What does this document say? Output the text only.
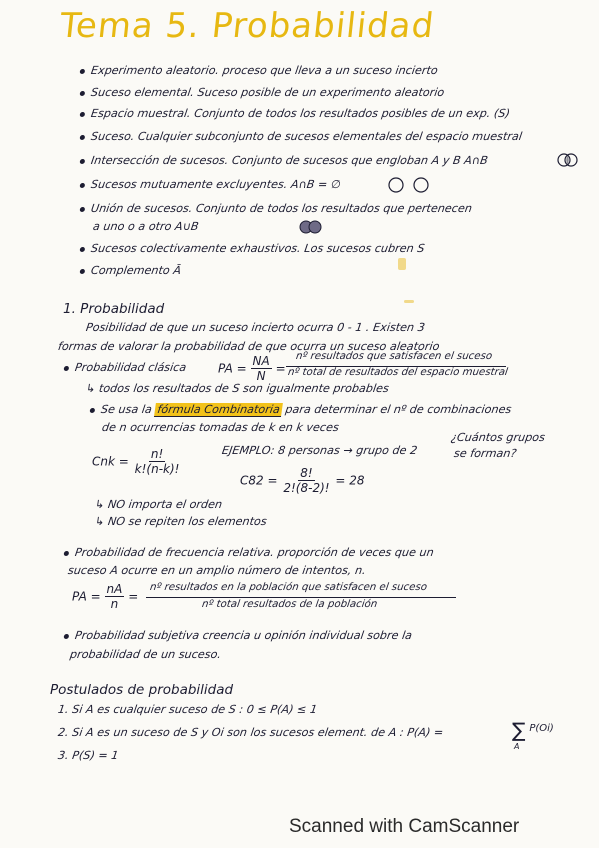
Tema 5. Probabilidad
Experimento aleatorio. proceso que lleva a un suceso incierto
Suceso elemental. Suceso posible de un experimento aleatorio
Espacio muestral. Conjunto de todos los resultados posibles de un exp. (S)
Suceso. Cualquier subconjunto de sucesos elementales del espacio muestral
Intersección de sucesos. Conjunto de sucesos que engloban A y B A∩B
Sucesos mutuamente excluyentes. A∩B = ∅
Unión de sucesos. Conjunto de todos los resultados que pertenecen
a uno o a otro A∪B
Sucesos colectivamente exhaustivos. Los sucesos cubren S
Complemento Ā
1. Probabilidad
Posibilidad de que un suceso incierto ocurra 0 - 1 . Existen 3
formas de valorar la probabilidad de que ocurra un suceso aleatorio
Probabilidad clásica	PA = $\frac{NA}{N}$ =
nº resultados que satisfacen el suceso
nº total de resultados del espacio muestral
↳ todos los resultados de S son igualmente probables
Se usa la fórmula Combinatoria para determinar el nº de combinaciones
de n ocurrencias tomadas de k en k veces
Cnk = $\frac{n!}{k!(n-k)!}$	EJEMPLO: 8 personas → grupo de 2
¿Cuántos grupos
se forman?
$C82 = \frac{8!}{2!(8-2)!} = 28$
↳ NO importa el orden
↳ NO se repiten los elementos
Probabilidad de frecuencia relativa. proporción de veces que un
suceso A ocurre en un amplio número de intentos, n.
PA = $\frac{nA}{n}$ =
nº resultados en la población que satisfacen el suceso
nº total resultados de la población
Probabilidad subjetiva creencia u opinión individual sobre la
probabilidad de un suceso.
Postulados de probabilidad
1. Si A es cualquier suceso de S : 0 ≤ P(A) ≤ 1
2. Si A es un suceso de S y Oi son los sucesos element. de A : P(A) =	∑ $^{P(Oi)}$
A
3. P(S) = 1
Scanned with CamScanner
